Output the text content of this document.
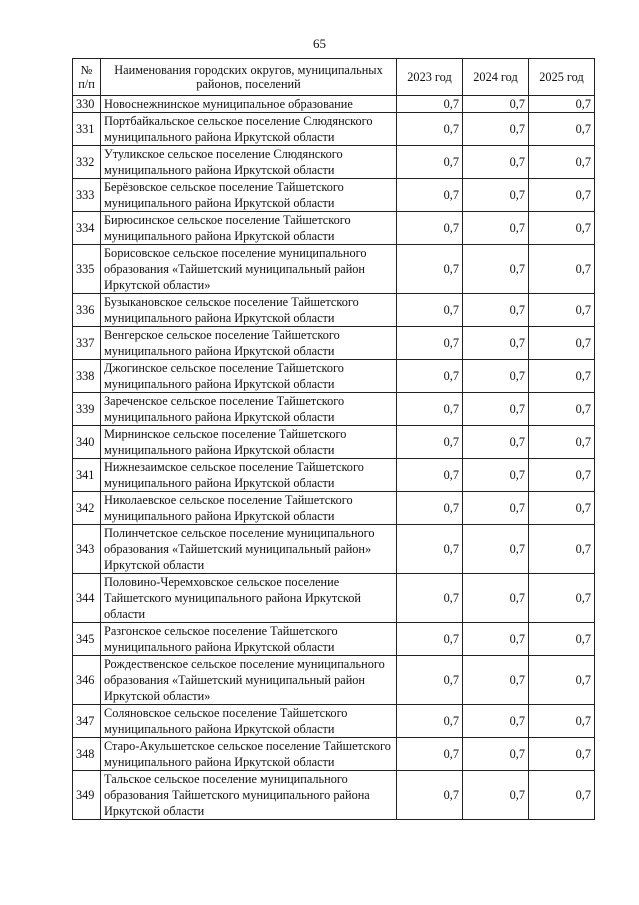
65
№
п/п	Наименования городских округов, муниципальных районов, поселений	2023 год	2024 год	2025 год
330	Новоснежнинское муниципальное образование	0,7	0,7	0,7
331	Портбайкальское сельское поселение Слюдянского муниципального района Иркутской области	0,7	0,7	0,7
332	Утуликское сельское поселение Слюдянского муниципального района Иркутской области	0,7	0,7	0,7
333	Берёзовское сельское поселение Тайшетского муниципального района Иркутской области	0,7	0,7	0,7
334	Бирюсинское сельское поселение Тайшетского муниципального района Иркутской области	0,7	0,7	0,7
335	Борисовское сельское поселение муниципального образования «Тайшетский муниципальный район Иркутской области»	0,7	0,7	0,7
336	Бузыкановское сельское поселение Тайшетского муниципального района Иркутской области	0,7	0,7	0,7
337	Венгерское сельское поселение Тайшетского муниципального района Иркутской области	0,7	0,7	0,7
338	Джогинское сельское поселение Тайшетского муниципального района Иркутской области	0,7	0,7	0,7
339	Зареченское сельское поселение Тайшетского муниципального района Иркутской области	0,7	0,7	0,7
340	Мирнинское сельское поселение Тайшетского муниципального района Иркутской области	0,7	0,7	0,7
341	Нижнезаимское сельское поселение Тайшетского муниципального района Иркутской области	0,7	0,7	0,7
342	Николаевское сельское поселение Тайшетского муниципального района Иркутской области	0,7	0,7	0,7
343	Полинчетское сельское поселение муниципального образования «Тайшетский муниципальный район» Иркутской области	0,7	0,7	0,7
344	Половино-Черемховское сельское поселение Тайшетского муниципального района Иркутской области	0,7	0,7	0,7
345	Разгонское сельское поселение Тайшетского муниципального района Иркутской области	0,7	0,7	0,7
346	Рождественское сельское поселение муниципального образования «Тайшетский муниципальный район Иркутской области»	0,7	0,7	0,7
347	Соляновское сельское поселение Тайшетского муниципального района Иркутской области	0,7	0,7	0,7
348	Старо-Акульшетское сельское поселение Тайшетского муниципального района Иркутской области	0,7	0,7	0,7
349	Тальское сельское поселение муниципального образования Тайшетского муниципального района Иркутской области	0,7	0,7	0,7
